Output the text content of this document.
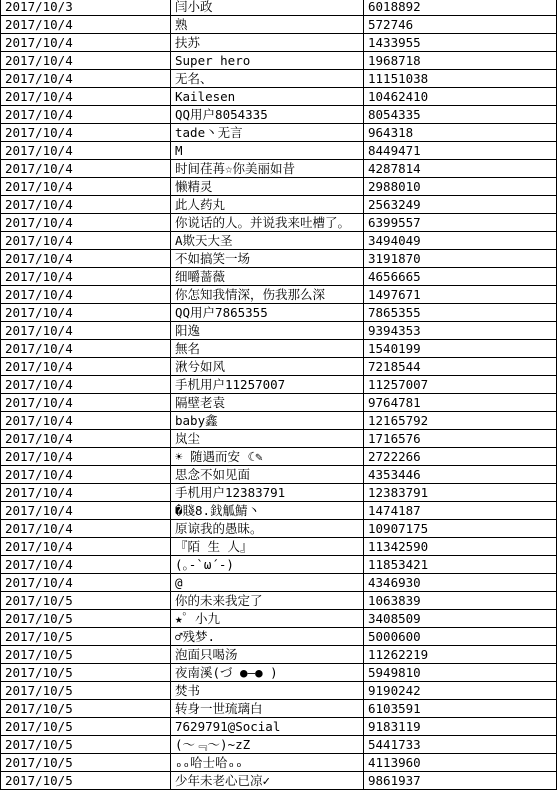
2017/10/3	闫小政	6018892
2017/10/4	熟	572746
2017/10/4	扶苏	1433955
2017/10/4	Super hero	1968718
2017/10/4	无名、	11151038
2017/10/4	Kailesen	10462410
2017/10/4	QQ用户8054335	8054335
2017/10/4	tade丶无言	964318
2017/10/4	M	8449471
2017/10/4	时间荏苒☆你美丽如昔	4287814
2017/10/4	懒精灵	2988010
2017/10/4	此人药丸	2563249
2017/10/4	你说话的人。并说我来吐槽了。	6399557
2017/10/4	A欺天大圣	3494049
2017/10/4	不如搞笑一场	3191870
2017/10/4	细嚼蔷薇	4656665
2017/10/4	你怎知我情深，伤我那么深	1497671
2017/10/4	QQ用户7865355	7865355
2017/10/4	阳逸	9394353
2017/10/4	無名	1540199
2017/10/4	湫兮如风	7218544
2017/10/4	手机用户11257007	11257007
2017/10/4	隔壁老袁	9764781
2017/10/4	baby鑫	12165792
2017/10/4	岚尘	1716576
2017/10/4	☀ 随遇而安 ☾✎	2722266
2017/10/4	思念不如见面	4353446
2017/10/4	手机用户12383791	12383791
2017/10/4	�賤8.鈛觚鯖丶	1474187
2017/10/4	原谅我的愚昧。	10907175
2017/10/4	『陌 生 人』	11342590
2017/10/4	(｡-`ω´-)	11853421
2017/10/4	@	4346930
2017/10/5	你的未来我定了	1063839
2017/10/5	★゜小九	3408509
2017/10/5	♂残梦.	5000600
2017/10/5	泡面只喝汤	11262219
2017/10/5	夜南溪(づ ●—● )	5949810
2017/10/5	焚书	9190242
2017/10/5	转身一世琉璃白	6103591
2017/10/5	7629791@Social	9183119
2017/10/5	(～﹃～)~zZ	5441733
2017/10/5	ₒₒ哈士哈ₒₒ	4113960
2017/10/5	少年未老心已凉✓	9861937
